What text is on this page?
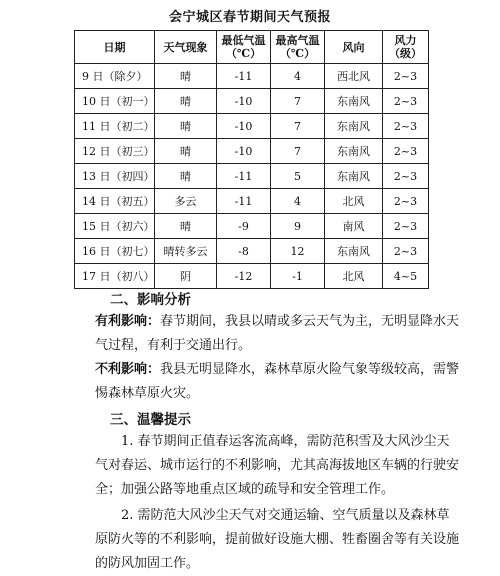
会宁城区春节期间天气预报
日期	天气现象	最低气温（℃）	最高气温（℃）	风向	风力（级）
9 日（除夕）	晴	-11	4	西北风	2~3
10 日（初一）	晴	-10	7	东南风	2~3
11 日（初二）	晴	-10	7	东南风	2~3
12 日（初三）	晴	-10	7	东南风	2~3
13 日（初四）	晴	-11	5	东南风	2~3
14 日（初五）	多云	-11	4	北风	2~3
15 日（初六）	晴	-9	9	南风	2~3
16 日（初七）	晴转多云	-8	12	东南风	2~3
17 日（初八）	阴	-12	-1	北风	4~5
二、影响分析
有利影响：春节期间，我县以晴或多云天气为主，无明显降水天气过程，有利于交通出行。
不利影响：我县无明显降水，森林草原火险气象等级较高，需警惕森林草原火灾。
三、温馨提示
1. 春节期间正值春运客流高峰，需防范积雪及大风沙尘天气对春运、城市运行的不利影响，尤其高海拔地区车辆的行驶安全；加强公路等地重点区域的疏导和安全管理工作。
2. 需防范大风沙尘天气对交通运输、空气质量以及森林草原防火等的不利影响，提前做好设施大棚、牲畜圈舍等有关设施的防风加固工作。
